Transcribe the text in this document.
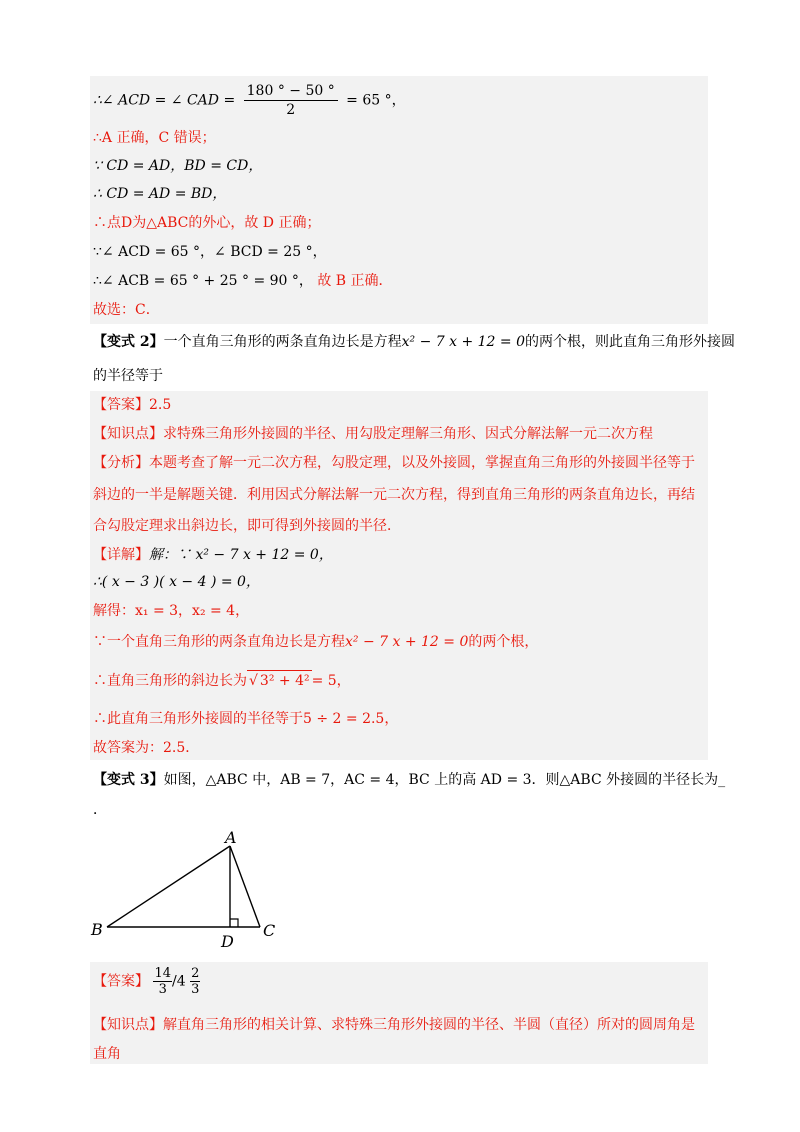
∴∠ ACD = ∠ CAD = $\frac{180 ^\circ - 50 ^\circ}{2} = 65$ °，
∴A 正确，C 错误；
∵ CD = AD，BD = CD，
∴ CD = AD = BD，
∴点D为△ABC的外心，故 D 正确；
∵∠ ACD = 65 °，∠ BCD = 25 °，
∴∠ ACB = 65 ° + 25 ° = 90 °， 故 B 正确．
故选：C．
【变式 2】一个直角三角形的两条直角边长是方程x² − 7 x + 12 = 0的两个根，则此直角三角形外接圆
的半径等于
【答案】2.5
【知识点】求特殊三角形外接圆的半径、用勾股定理解三角形、因式分解法解一元二次方程
【分析】本题考查了解一元二次方程，勾股定理，以及外接圆，掌握直角三角形的外接圆半径等于
斜边的一半是解题关键．利用因式分解法解一元二次方程，得到直角三角形的两条直角边长，再结
合勾股定理求出斜边长，即可得到外接圆的半径．
【详解】解：∵ x² − 7 x + 12 = 0，
∴( x − 3 )( x − 4 ) = 0，
解得：x₁ = 3，x₂ = 4，
∵一个直角三角形的两条直角边长是方程x² − 7 x + 12 = 0的两个根，
∴直角三角形的斜边长为 √ 3² + 4² = 5，
∴此直角三角形外接圆的半径等于5 ÷ 2 = 2.5，
故答案为：2.5．
【变式 3】如图，△ABC 中，AB = 7，AC = 4，BC 上的高 AD = 3．则△ABC 外接圆的半径长为_
．
A
B	C
D
【答案】 $\frac{14}{3} /4 \frac{2}{3}$
【知识点】解直角三角形的相关计算、求特殊三角形外接圆的半径、半圆（直径）所对的圆周角是
直角
